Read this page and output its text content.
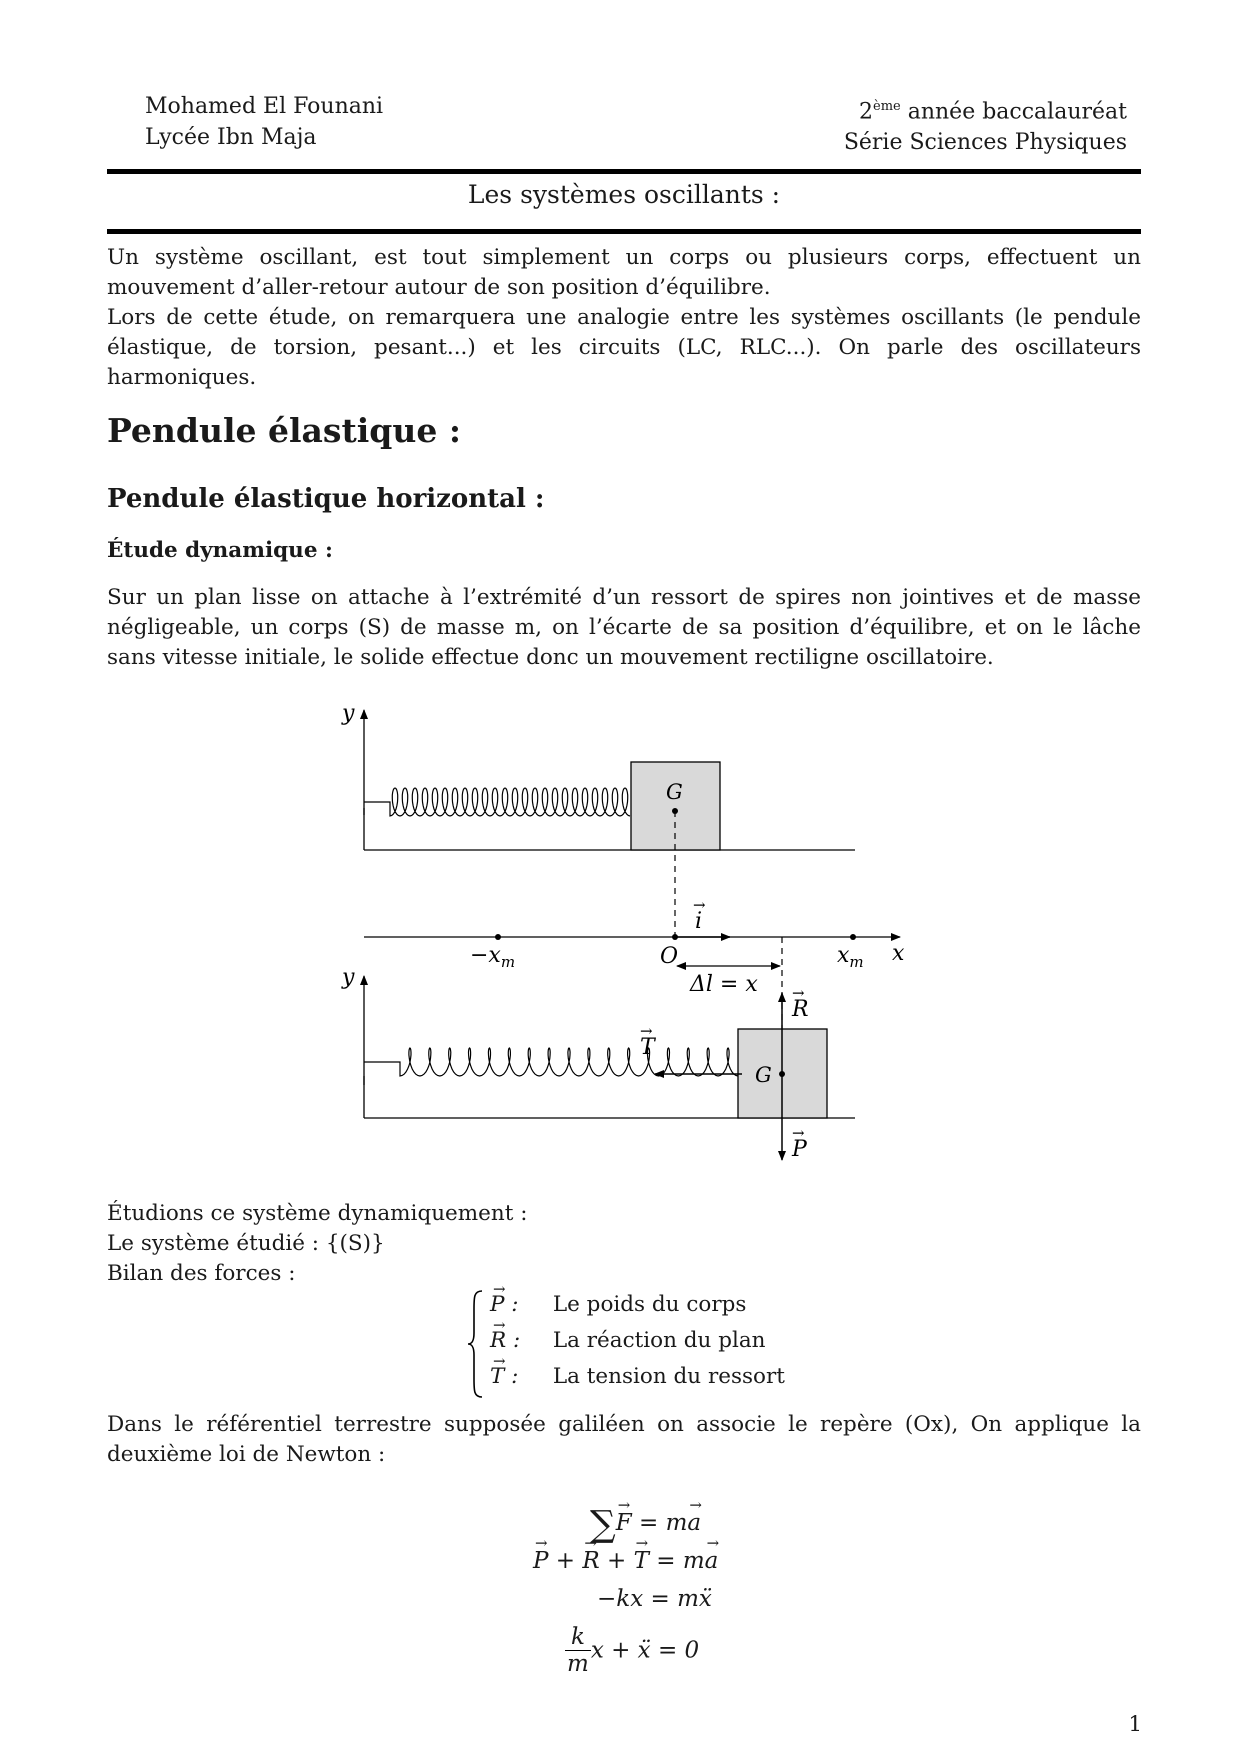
Mohamed El Founani
Lycée Ibn Maja
2ème année baccalauréat
Série Sciences Physiques
Les systèmes oscillants :

Un système oscillant, est tout simplement un corps ou plusieurs corps, effectuent un mouvement d’aller-retour autour de son position d’équilibre.

Lors de cette étude, on remarquera une analogie entre les systèmes oscillants (le pendule élastique, de torsion, pesant...) et les circuits (LC, RLC...). On parle des oscillateurs harmoniques.

Pendule élastique :
Pendule élastique horizontal :
Étude dynamique :
Sur un plan lisse on attache à l’extrémité d’un ressort de spires non jointives et de masse négligeable, un corps (S) de masse m, on l’écarte de sa position d’équilibre, et on le lâche sans vitesse initiale, le solide effectue donc un mouvement rectiligne oscillatoire.
y
G
x
$-x_m$	O	$x_m$
i
→
Δl = x
y
G
R
→
P
→
T
→
Étudions ce système dynamiquement :
Le système étudié : {(S)}
Bilan des forces :
→ P : Le poids du corps
→ R : La réaction du plan
→ T : La tension du ressort
Dans le référentiel terrestre supposée galiléen on associe le repère (Ox), On applique la deuxième loi de Newton :
∑→ F = m→ a
→ P + → R + → T = m→ a
−kx = mẍ
$\frac{k}{m}$ x + ẍ = 0
1
